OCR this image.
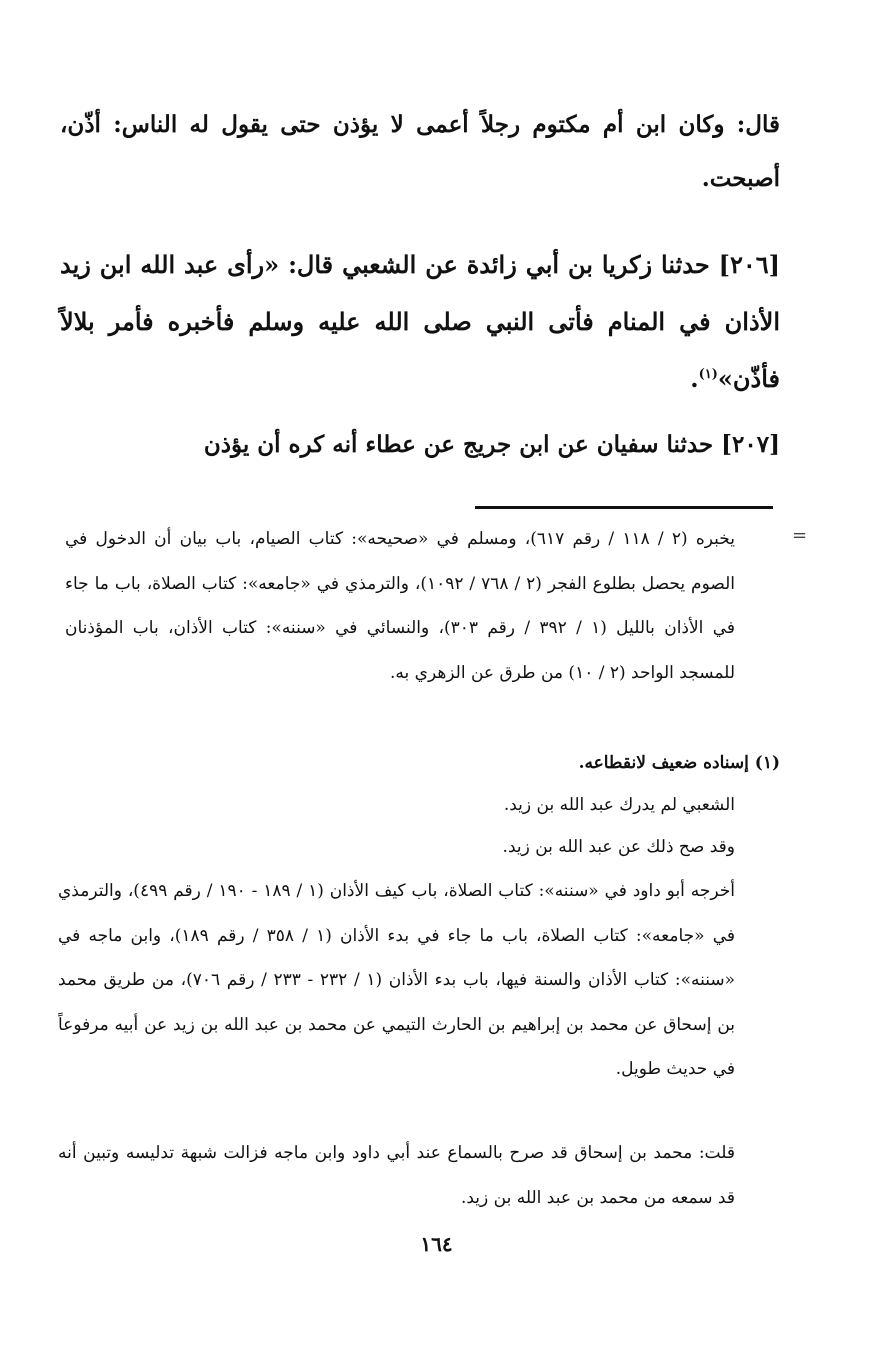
قال: وكان ابن أم مكتوم رجلاً أعمى لا يؤذن حتى يقول له الناس: أذّن، أصبحت.
[٢٠٦] حدثنا زكريا بن أبي زائدة عن الشعبي قال: «رأى عبد الله ابن زيد الأذان في المنام فأتى النبي صلى الله عليه وسلم فأخبره فأمر بلالاً فأذّن»$^{(١)}$.
[٢٠٧] حدثنا سفيان عن ابن جريج عن عطاء أنه كره أن يؤذن
=
يخبره (٢ / ١١٨ / رقم ٦١٧)، ومسلم في «صحيحه»: كتاب الصيام، باب بيان أن الدخول في الصوم يحصل بطلوع الفجر (٢ / ٧٦٨ / ١٠٩٢)، والترمذي في «جامعه»: كتاب الصلاة، باب ما جاء في الأذان بالليل (١ / ٣٩٢ / رقم ٣٠٣)، والنسائي في «سننه»: كتاب الأذان، باب المؤذنان للمسجد الواحد (٢ / ١٠) من طرق عن الزهري به.
(١) إسناده ضعيف لانقطاعه.
الشعبي لم يدرك عبد الله بن زيد.
وقد صح ذلك عن عبد الله بن زيد.
أخرجه أبو داود في «سننه»: كتاب الصلاة، باب كيف الأذان (١ / ١٨٩ - ١٩٠ / رقم ٤٩٩)، والترمذي في «جامعه»: كتاب الصلاة، باب ما جاء في بدء الأذان (١ / ٣٥٨ / رقم ١٨٩)، وابن ماجه في «سننه»: كتاب الأذان والسنة فيها، باب بدء الأذان (١ / ٢٣٢ - ٢٣٣ / رقم ٧٠٦)، من طريق محمد بن إسحاق عن محمد بن إبراهيم بن الحارث التيمي عن محمد بن عبد الله بن زيد عن أبيه مرفوعاً في حديث طويل.
قلت: محمد بن إسحاق قد صرح بالسماع عند أبي داود وابن ماجه فزالت شبهة تدليسه وتبين أنه قد سمعه من محمد بن عبد الله بن زيد.
١٦٤
